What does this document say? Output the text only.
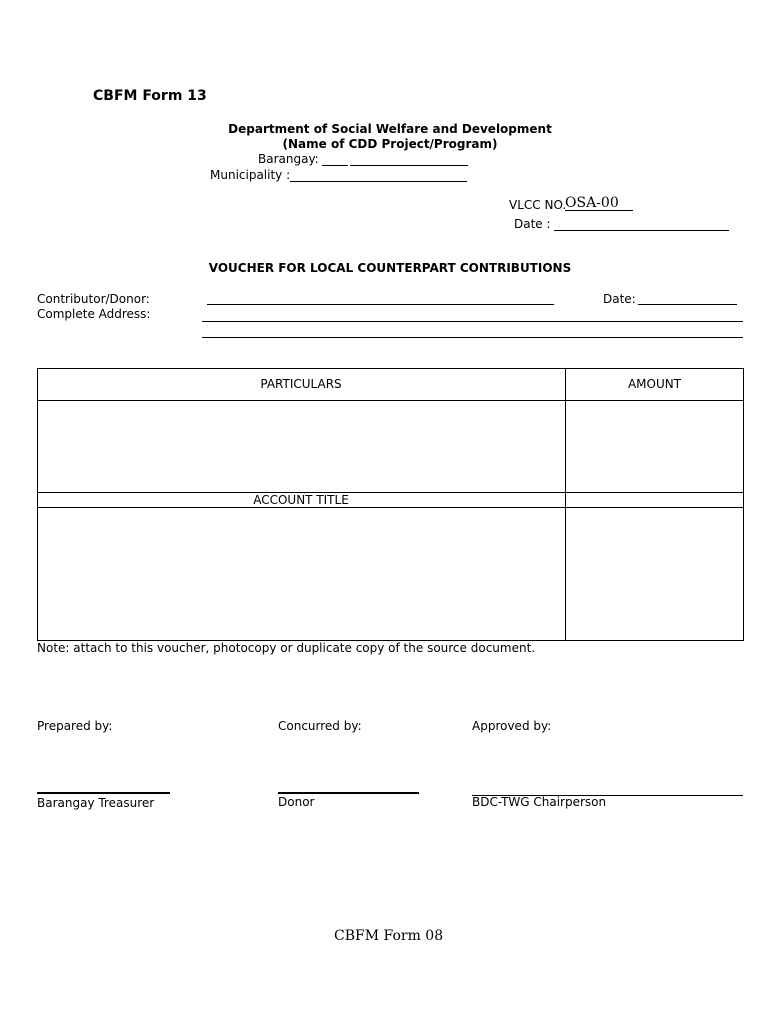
CBFM Form 13
Department of Social Welfare and Development
(Name of CDD Project/Program)
Barangay:
Municipality :
VLCC NO.
OSA-00
Date :
VOUCHER FOR LOCAL COUNTERPART CONTRIBUTIONS
Contributor/Donor:	Date:
Complete Address:
PARTICULARS	AMOUNT
ACCOUNT TITLE
Note: attach to this voucher, photocopy or duplicate copy of the source document.
Prepared by:	Concurred by:	Approved by:
Barangay Treasurer	Donor	BDC-TWG Chairperson
CBFM Form 08
